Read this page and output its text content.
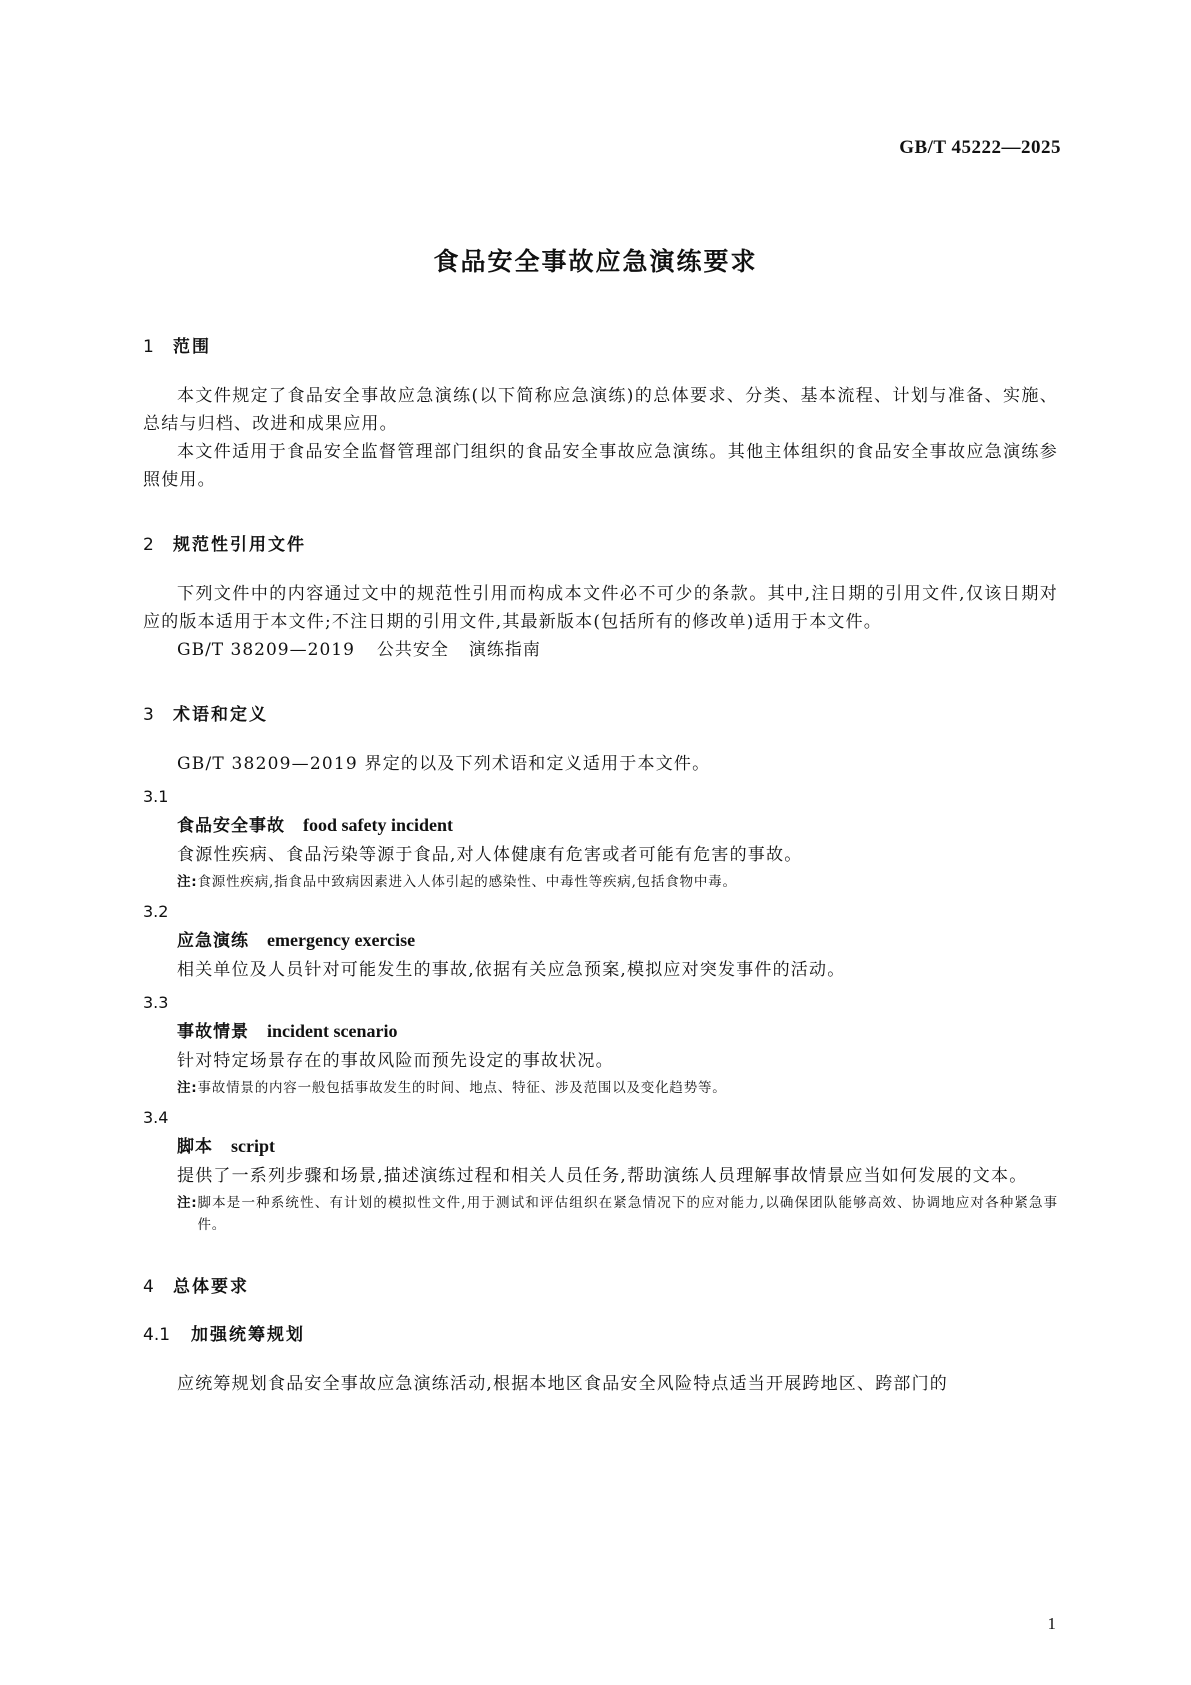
GB/T 45222—2025
食品安全事故应急演练要求
1 范围

本文件规定了食品安全事故应急演练(以下简称应急演练)的总体要求、分类、基本流程、计划与准备、实施、总结与归档、改进和成果应用。

本文件适用于食品安全监督管理部门组织的食品安全事故应急演练。其他主体组织的食品安全事故应急演练参照使用。

2 规范性引用文件

下列文件中的内容通过文中的规范性引用而构成本文件必不可少的条款。其中,注日期的引用文件,仅该日期对应的版本适用于本文件;不注日期的引用文件,其最新版本(包括所有的修改单)适用于本文件。

GB/T 38209—2019 公共安全 演练指南

3 术语和定义

GB/T 38209—2019 界定的以及下列术语和定义适用于本文件。

3.1
食品安全事故 food safety incident

食源性疾病、食品污染等源于食品,对人体健康有危害或者可能有危害的事故。

注: 食源性疾病,指食品中致病因素进入人体引起的感染性、中毒性等疾病,包括食物中毒。
3.2
应急演练 emergency exercise

相关单位及人员针对可能发生的事故,依据有关应急预案,模拟应对突发事件的活动。

3.3
事故情景 incident scenario

针对特定场景存在的事故风险而预先设定的事故状况。

注: 事故情景的内容一般包括事故发生的时间、地点、特征、涉及范围以及变化趋势等。
3.4
脚本 script

提供了一系列步骤和场景,描述演练过程和相关人员任务,帮助演练人员理解事故情景应当如何发展的文本。

注: 脚本是一种系统性、有计划的模拟性文件,用于测试和评估组织在紧急情况下的应对能力,以确保团队能够高效、协调地应对各种紧急事件。
4 总体要求
4.1 加强统筹规划

应统筹规划食品安全事故应急演练活动,根据本地区食品安全风险特点适当开展跨地区、跨部门的

1
